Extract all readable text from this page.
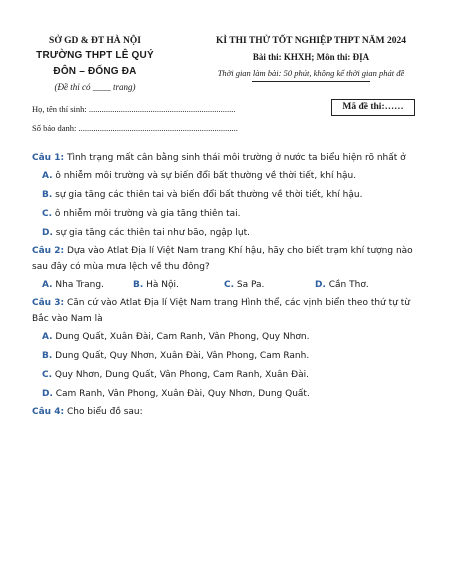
SỞ GD & ĐT HÀ NỘI
TRƯỜNG THPT LÊ QUÝ
ĐÔN – ĐỐNG ĐA
(Đề thi có ____ trang)
KÌ THI THỬ TỐT NGHIỆP THPT NĂM 2024
Bài thi: KHXH; Môn thi: ĐỊA
Thời gian làm bài: 50 phút, không kể thời gian phát đề
Họ, tên thí sinh: .....................................................................
Số báo danh: ...........................................................................
Mã đề thi:……

Câu 1: Tình trạng mất cân bằng sinh thái môi trường ở nước ta biểu hiện rõ nhất ở

A. ô nhiễm môi trường và sự biến đổi bất thường về thời tiết, khí hậu.

B. sự gia tăng các thiên tai và biến đổi bất thường về thời tiết, khí hậu.

C. ô nhiễm môi trường và gia tăng thiên tai.

D. sự gia tăng các thiên tai như bão, ngập lụt.

Câu 2: Dựa vào Atlat Địa lí Việt Nam trang Khí hậu, hãy cho biết trạm khí tượng nào sau đây có mùa mưa lệch về thu đông?

A. Nha Trang.	B. Hà Nội.	C. Sa Pa.	D. Cần Thơ.

Câu 3: Căn cứ vào Atlat Địa lí Việt Nam trang Hình thể, các vịnh biển theo thứ tự từ Bắc vào Nam là

A. Dung Quất, Xuân Đài, Cam Ranh, Vân Phong, Quy Nhơn.

B. Dung Quất, Quy Nhơn, Xuân Đài, Vân Phong, Cam Ranh.

C. Quy Nhơn, Dung Quất, Vân Phong, Cam Ranh, Xuân Đài.

D. Cam Ranh, Vân Phong, Xuân Đài, Quy Nhơn, Dung Quất.

Câu 4: Cho biểu đồ sau:
